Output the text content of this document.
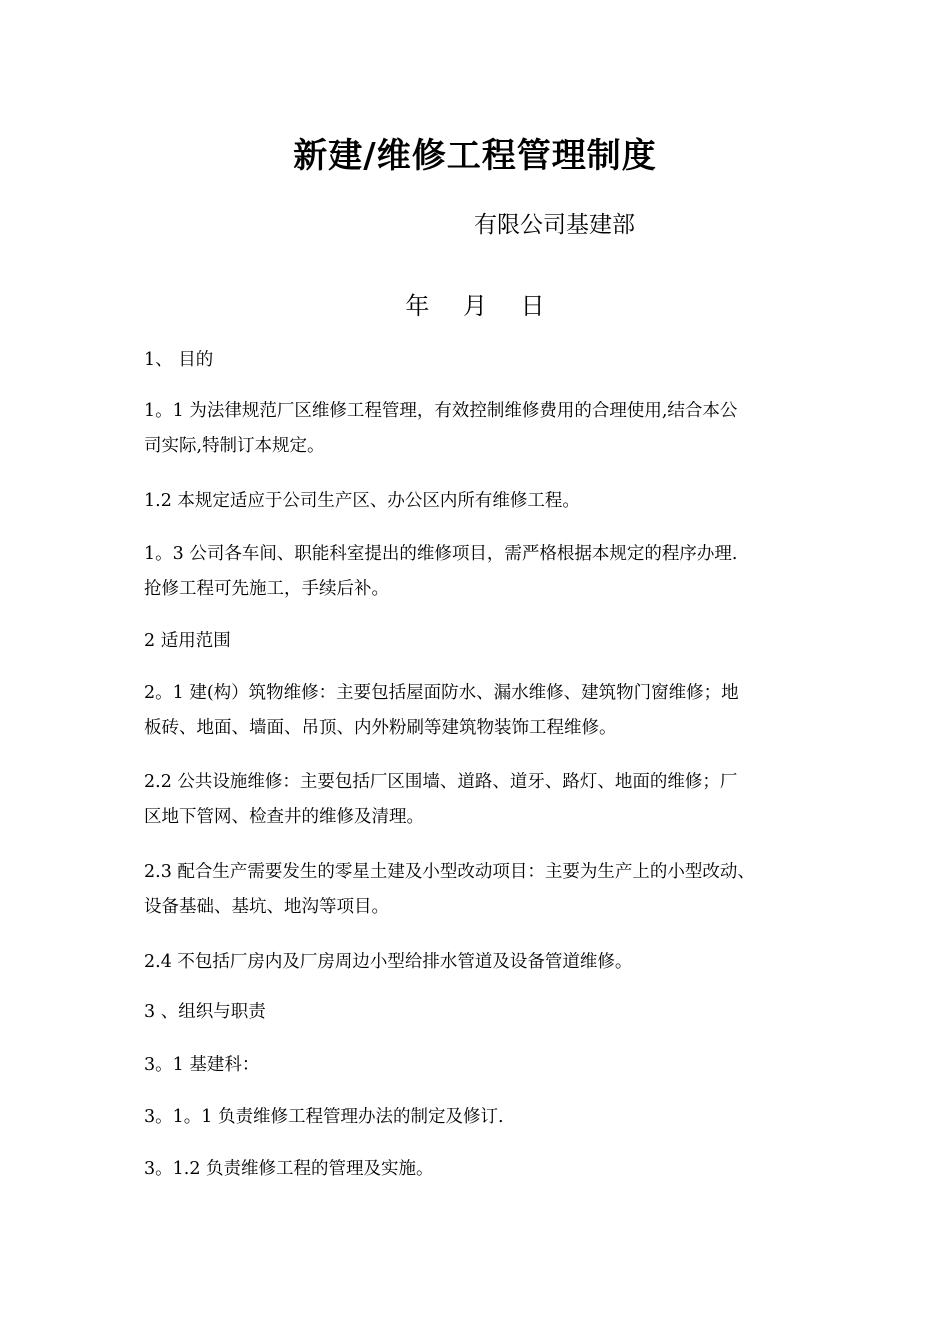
新建/维修工程管理制度
有限公司基建部
年 月 日
1、 目的
1。1 为法律规范厂区维修工程管理，有效控制维修费用的合理使用,结合本公
司实际,特制订本规定。
1.2 本规定适应于公司生产区、办公区内所有维修工程。
1。3 公司各车间、职能科室提出的维修项目，需严格根据本规定的程序办理.
抢修工程可先施工，手续后补。
2 适用范围
2。1 建(构）筑物维修：主要包括屋面防水、漏水维修、建筑物门窗维修；地
板砖、地面、墙面、吊顶、内外粉刷等建筑物装饰工程维修。
2.2 公共设施维修：主要包括厂区围墙、道路、道牙、路灯、地面的维修；厂
区地下管网、检查井的维修及清理。
2.3 配合生产需要发生的零星土建及小型改动项目：主要为生产上的小型改动、
设备基础、基坑、地沟等项目。
2.4 不包括厂房内及厂房周边小型给排水管道及设备管道维修。
3 、组织与职责
3。1 基建科：
3。1。1 负责维修工程管理办法的制定及修订.
3。1.2 负责维修工程的管理及实施。
